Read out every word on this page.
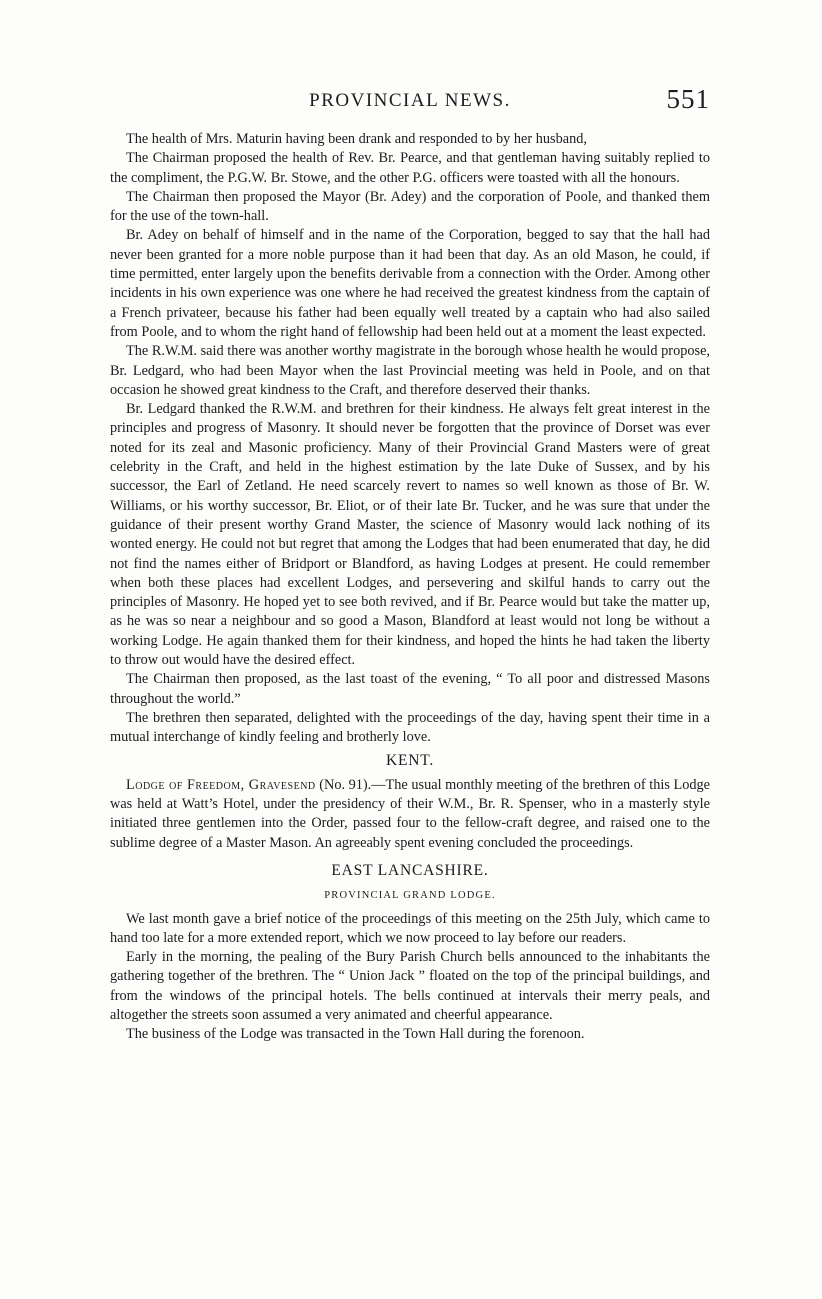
PROVINCIAL NEWS.	551

The health of Mrs. Maturin having been drank and responded to by her husband,

The Chairman proposed the health of Rev. Br. Pearce, and that gentleman having suitably replied to the compliment, the P.G.W. Br. Stowe, and the other P.G. officers were toasted with all the honours.

The Chairman then proposed the Mayor (Br. Adey) and the corporation of Poole, and thanked them for the use of the town-hall.

Br. Adey on behalf of himself and in the name of the Corporation, begged to say that the hall had never been granted for a more noble purpose than it had been that day. As an old Mason, he could, if time permitted, enter largely upon the benefits derivable from a connection with the Order. Among other incidents in his own experience was one where he had received the greatest kindness from the captain of a French privateer, because his father had been equally well treated by a captain who had also sailed from Poole, and to whom the right hand of fellowship had been held out at a moment the least expected.

The R.W.M. said there was another worthy magistrate in the borough whose health he would propose, Br. Ledgard, who had been Mayor when the last Provincial meeting was held in Poole, and on that occasion he showed great kindness to the Craft, and therefore deserved their thanks.

Br. Ledgard thanked the R.W.M. and brethren for their kindness. He always felt great interest in the principles and progress of Masonry. It should never be forgotten that the province of Dorset was ever noted for its zeal and Masonic proficiency. Many of their Provincial Grand Masters were of great celebrity in the Craft, and held in the highest estimation by the late Duke of Sussex, and by his successor, the Earl of Zetland. He need scarcely revert to names so well known as those of Br. W. Williams, or his worthy successor, Br. Eliot, or of their late Br. Tucker, and he was sure that under the guidance of their present worthy Grand Master, the science of Masonry would lack nothing of its wonted energy. He could not but regret that among the Lodges that had been enumerated that day, he did not find the names either of Bridport or Blandford, as having Lodges at present. He could remember when both these places had excellent Lodges, and persevering and skilful hands to carry out the principles of Masonry. He hoped yet to see both revived, and if Br. Pearce would but take the matter up, as he was so near a neighbour and so good a Mason, Blandford at least would not long be without a working Lodge. He again thanked them for their kindness, and hoped the hints he had taken the liberty to throw out would have the desired effect.

The Chairman then proposed, as the last toast of the evening, “ To all poor and distressed Masons throughout the world.”

The brethren then separated, delighted with the proceedings of the day, having spent their time in a mutual interchange of kindly feeling and brotherly love.

KENT.

Lodge of Freedom, Gravesend (No. 91).—The usual monthly meeting of the brethren of this Lodge was held at Watt’s Hotel, under the presidency of their W.M., Br. R. Spenser, who in a masterly style initiated three gentlemen into the Order, passed four to the fellow-craft degree, and raised one to the sublime degree of a Master Mason. An agreeably spent evening concluded the proceedings.

EAST LANCASHIRE.
PROVINCIAL GRAND LODGE.

We last month gave a brief notice of the proceedings of this meeting on the 25th July, which came to hand too late for a more extended report, which we now proceed to lay before our readers.

Early in the morning, the pealing of the Bury Parish Church bells announced to the inhabitants the gathering together of the brethren. The “ Union Jack ” floated on the top of the principal buildings, and from the windows of the principal hotels. The bells continued at intervals their merry peals, and altogether the streets soon assumed a very animated and cheerful appearance.

The business of the Lodge was transacted in the Town Hall during the forenoon.
